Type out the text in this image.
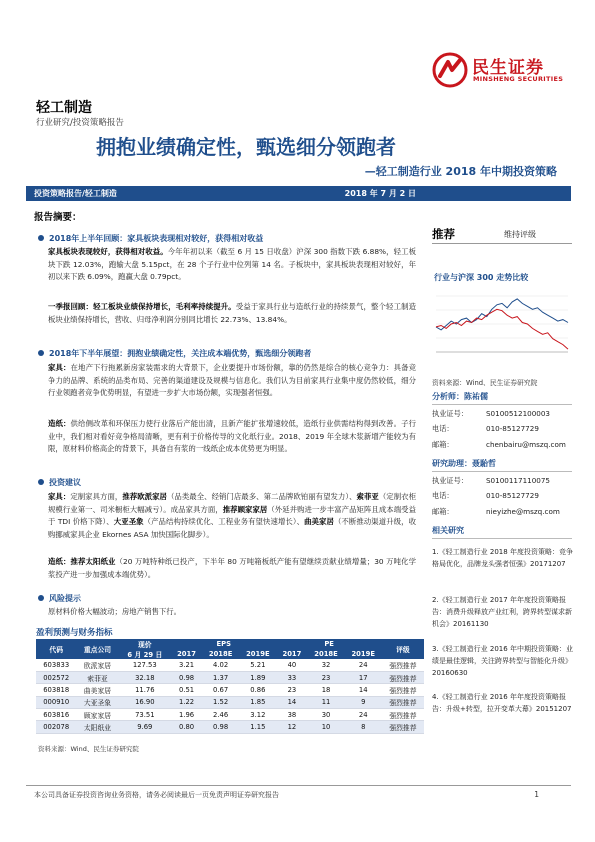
民生证券
MINSHENG SECURITIES
轻工制造
行业研究/投资策略报告
拥抱业绩确定性，甄选细分领跑者
—轻工制造行业 2018 年中期投资策略
投资策略报告/轻工制造	2018 年 7 月 2 日
报告摘要：
2018年上半年回顾：家具板块表现相对较好，获得相对收益
家具板块表现较好，获得相对收益。今年年初以来（截至 6 月 15 日收盘）沪深 300 指数下跌 6.88%，轻工板块下跌 12.03%，跑输大盘 5.15pct，在 28 个子行业中位列第 14 名。子板块中，家具板块表现相对较好，年初以来下跌 6.09%，跑赢大盘 0.79pct。
一季报回顾：轻工板块业绩保持增长，毛利率持续提升。受益于家具行业与造纸行业的持续景气，整个轻工制造板块业绩保持增长，营收、归母净利润分别同比增长 22.73%、13.84%。
2018年下半年展望：拥抱业绩确定性，关注成本端优势，甄选细分领跑者
家具：在地产下行拖累新房家装需求的大背景下，企业要提升市场份额，靠的仍然是综合的核心竞争力：具备竞争力的品牌、系统的品类布局、完善的渠道建设及规模与信息化。我们认为目前家具行业集中度仍然较低，细分行业领跑者竞争优势明显，有望进一步扩大市场份额，实现强者恒强。
造纸：供给侧改革和环保压力使行业落后产能出清，且新产能扩张增速较低，造纸行业供需结构得到改善。子行业中，我们相对看好竞争格局清晰，更有利于价格传导的文化纸行业。2018、2019 年全球木浆新增产能较为有限，原材料价格高企的背景下，具备自有浆的一线纸企成本优势更为明显。
投资建议
家具：定制家具方面，推荐欧派家居（品类最全、经销门店最多、第二品牌欧铂丽有望发力）、索菲亚（定制衣柜规模行业第一、司米橱柜大幅减亏）。成品家具方面，推荐顾家家居（外延并购进一步丰富产品矩阵且成本端受益于 TDI 价格下降）、大亚圣象（产品结构持续优化、工程业务有望快速增长）、曲美家居（不断推动渠道升级，收购挪威家具企业 Ekornes ASA 加快国际化脚步）。
造纸：推荐太阳纸业（20 万吨特种纸已投产，下半年 80 万吨箱板纸产能有望继续贡献业绩增量；30 万吨化学浆投产进一步加强成本端优势）。
风险提示
原材料价格大幅波动；房地产销售下行。
盈利预测与财务指标
代码	重点公司	现价	EPS			PE			评级
		6 月 29 日	2017	2018E	2019E	2017	2018E	2019E	
603833	欧派家居	127.53	3.21	4.02	5.21	40	32	24	强烈推荐
002572	索菲亚	32.18	0.98	1.37	1.89	33	23	17	强烈推荐
603818	曲美家居	11.76	0.51	0.67	0.86	23	18	14	强烈推荐
000910	大亚圣象	16.90	1.22	1.52	1.85	14	11	9	强烈推荐
603816	顾家家居	73.51	1.96	2.46	3.12	38	30	24	强烈推荐
002078	太阳纸业	9.69	0.80	0.98	1.15	12	10	8	强烈推荐
资料来源：Wind、民生证券研究院
推荐	维持评级
行业与沪深 300 走势比较
资料来源：Wind、民生证券研究院
分析师：陈祐儒
执业证号：	S0100512100003
电话：	010-85127729
邮箱：	chenbairu@mszq.com
研究助理：聂駘哲
执业证号：	S0100117110075
电话：	010-85127729
邮箱：	nieyizhe@mszq.com
相关研究
1.《轻工制造行业 2018 年度投资策略：竞争格局优化，品牌龙头强者恒强》20171207
2.《轻工制造行业 2017 年年度投资策略报告：消费升级释放产业红利，跨界转型谋求新机会》20161130
3.《轻工制造行业 2016 年中期投资策略：业绩是最佳逻辑，关注跨界转型与智能化升级》20160630
4.《轻工制造行业 2016 年年度投资策略报告：升级+转型，拉开变革大幕》20151207
本公司具备证券投资咨询业务资格，请务必阅读最后一页免责声明证券研究报告	1
